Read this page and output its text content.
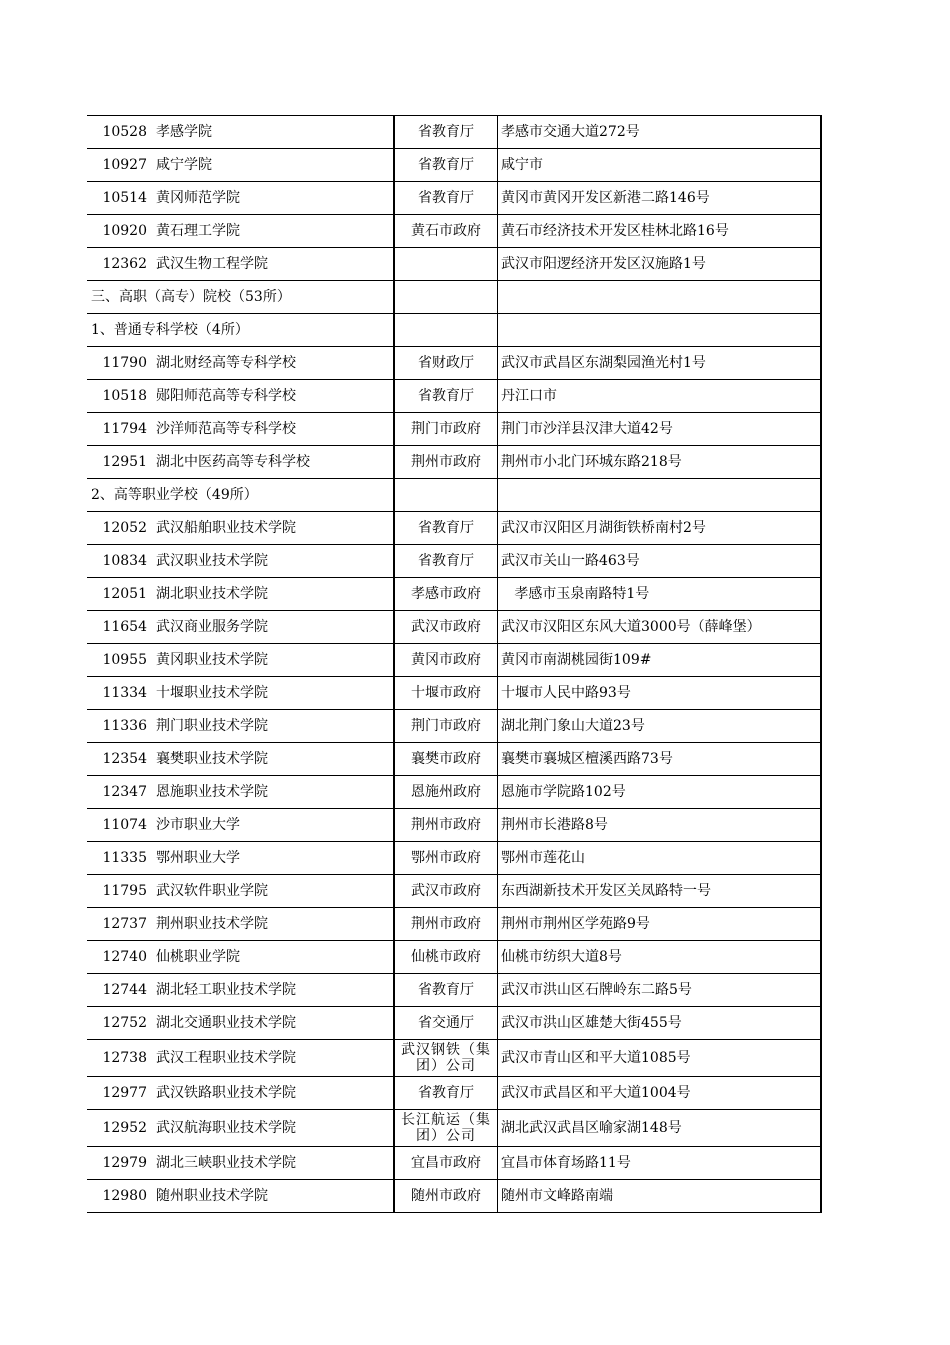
10528	孝感学院	省教育厅	孝感市交通大道272号
10927	咸宁学院	省教育厅	咸宁市
10514	黄冈师范学院	省教育厅	黄冈市黄冈开发区新港二路146号
10920	黄石理工学院	黄石市政府	黄石市经济技术开发区桂林北路16号
12362	武汉生物工程学院		武汉市阳逻经济开发区汉施路1号
三、高职（高专）院校（53所）			
1、普通专科学校（4所）			
11790	湖北财经高等专科学校	省财政厅	武汉市武昌区东湖梨园渔光村1号
10518	郧阳师范高等专科学校	省教育厅	丹江口市
11794	沙洋师范高等专科学校	荆门市政府	荆门市沙洋县汉津大道42号
12951	湖北中医药高等专科学校	荆州市政府	荆州市小北门环城东路218号
2、高等职业学校（49所）			
12052	武汉船舶职业技术学院	省教育厅	武汉市汉阳区月湖街铁桥南村2号
10834	武汉职业技术学院	省教育厅	武汉市关山一路463号
12051	湖北职业技术学院	孝感市政府	孝感市玉泉南路特1号
11654	武汉商业服务学院	武汉市政府	武汉市汉阳区东风大道3000号（薛峰堡）
10955	黄冈职业技术学院	黄冈市政府	黄冈市南湖桃园街109#
11334	十堰职业技术学院	十堰市政府	十堰市人民中路93号
11336	荆门职业技术学院	荆门市政府	湖北荆门象山大道23号
12354	襄樊职业技术学院	襄樊市政府	襄樊市襄城区檀溪西路73号
12347	恩施职业技术学院	恩施州政府	恩施市学院路102号
11074	沙市职业大学	荆州市政府	荆州市长港路8号
11335	鄂州职业大学	鄂州市政府	鄂州市莲花山
11795	武汉软件职业学院	武汉市政府	东西湖新技术开发区关凤路特一号
12737	荆州职业技术学院	荆州市政府	荆州市荆州区学苑路9号
12740	仙桃职业学院	仙桃市政府	仙桃市纺织大道8号
12744	湖北轻工职业技术学院	省教育厅	武汉市洪山区石牌岭东二路5号
12752	湖北交通职业技术学院	省交通厅	武汉市洪山区雄楚大街455号
12738	武汉工程职业技术学院	武汉钢铁（集团）公司	武汉市青山区和平大道1085号
12977	武汉铁路职业技术学院	省教育厅	武汉市武昌区和平大道1004号
12952	武汉航海职业技术学院	长江航运（集团）公司	湖北武汉武昌区喻家湖148号
12979	湖北三峡职业技术学院	宜昌市政府	宜昌市体育场路11号
12980	随州职业技术学院	随州市政府	随州市文峰路南端
